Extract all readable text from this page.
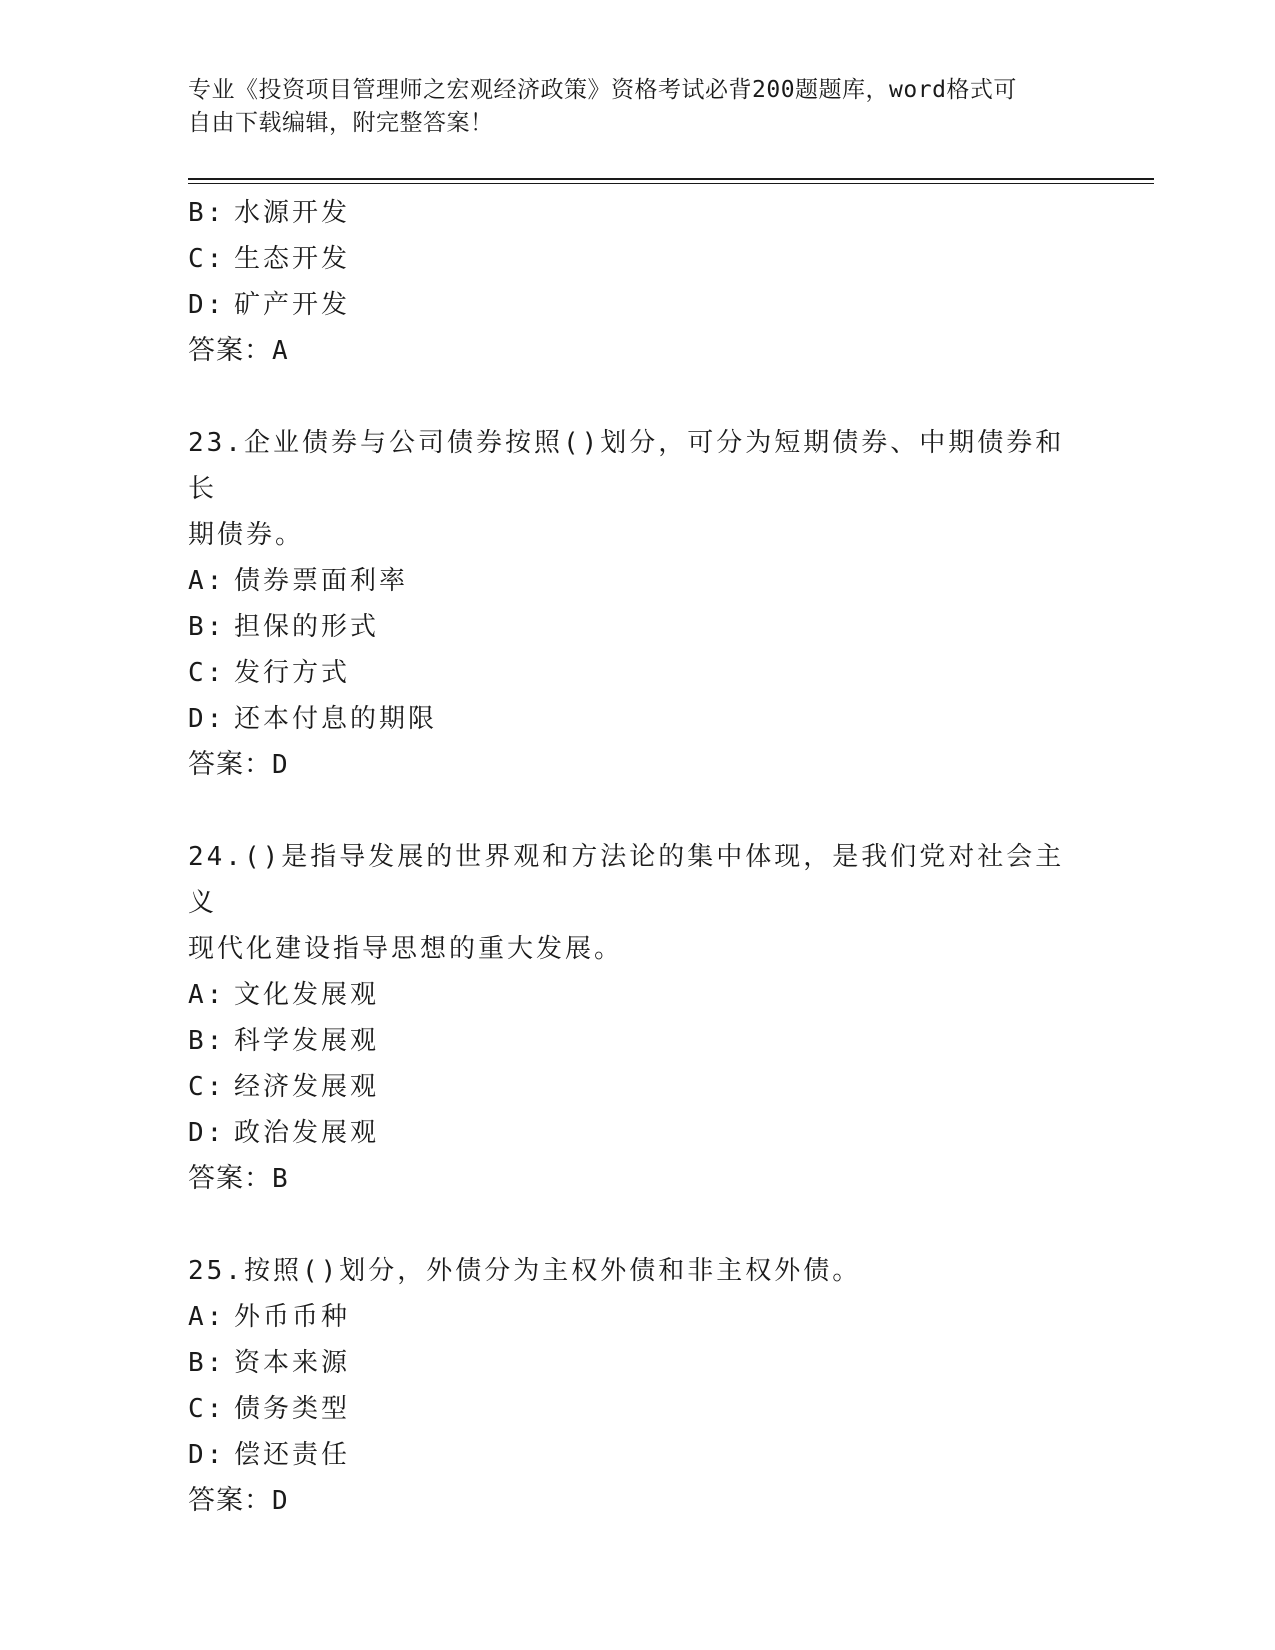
专业《投资项目管理师之宏观经济政策》资格考试必背200题题库，word格式可
自由下载编辑，附完整答案！
B: 水源开发
C: 生态开发
D: 矿产开发
答案：A
23.企业债券与公司债券按照()划分，可分为短期债券、中期债券和长
期债券。
A: 债券票面利率
B: 担保的形式
C: 发行方式
D: 还本付息的期限
答案：D
24.()是指导发展的世界观和方法论的集中体现，是我们党对社会主义
现代化建设指导思想的重大发展。
A: 文化发展观
B: 科学发展观
C: 经济发展观
D: 政治发展观
答案：B
25.按照()划分，外债分为主权外债和非主权外债。
A: 外币币种
B: 资本来源
C: 债务类型
D: 偿还责任
答案：D
